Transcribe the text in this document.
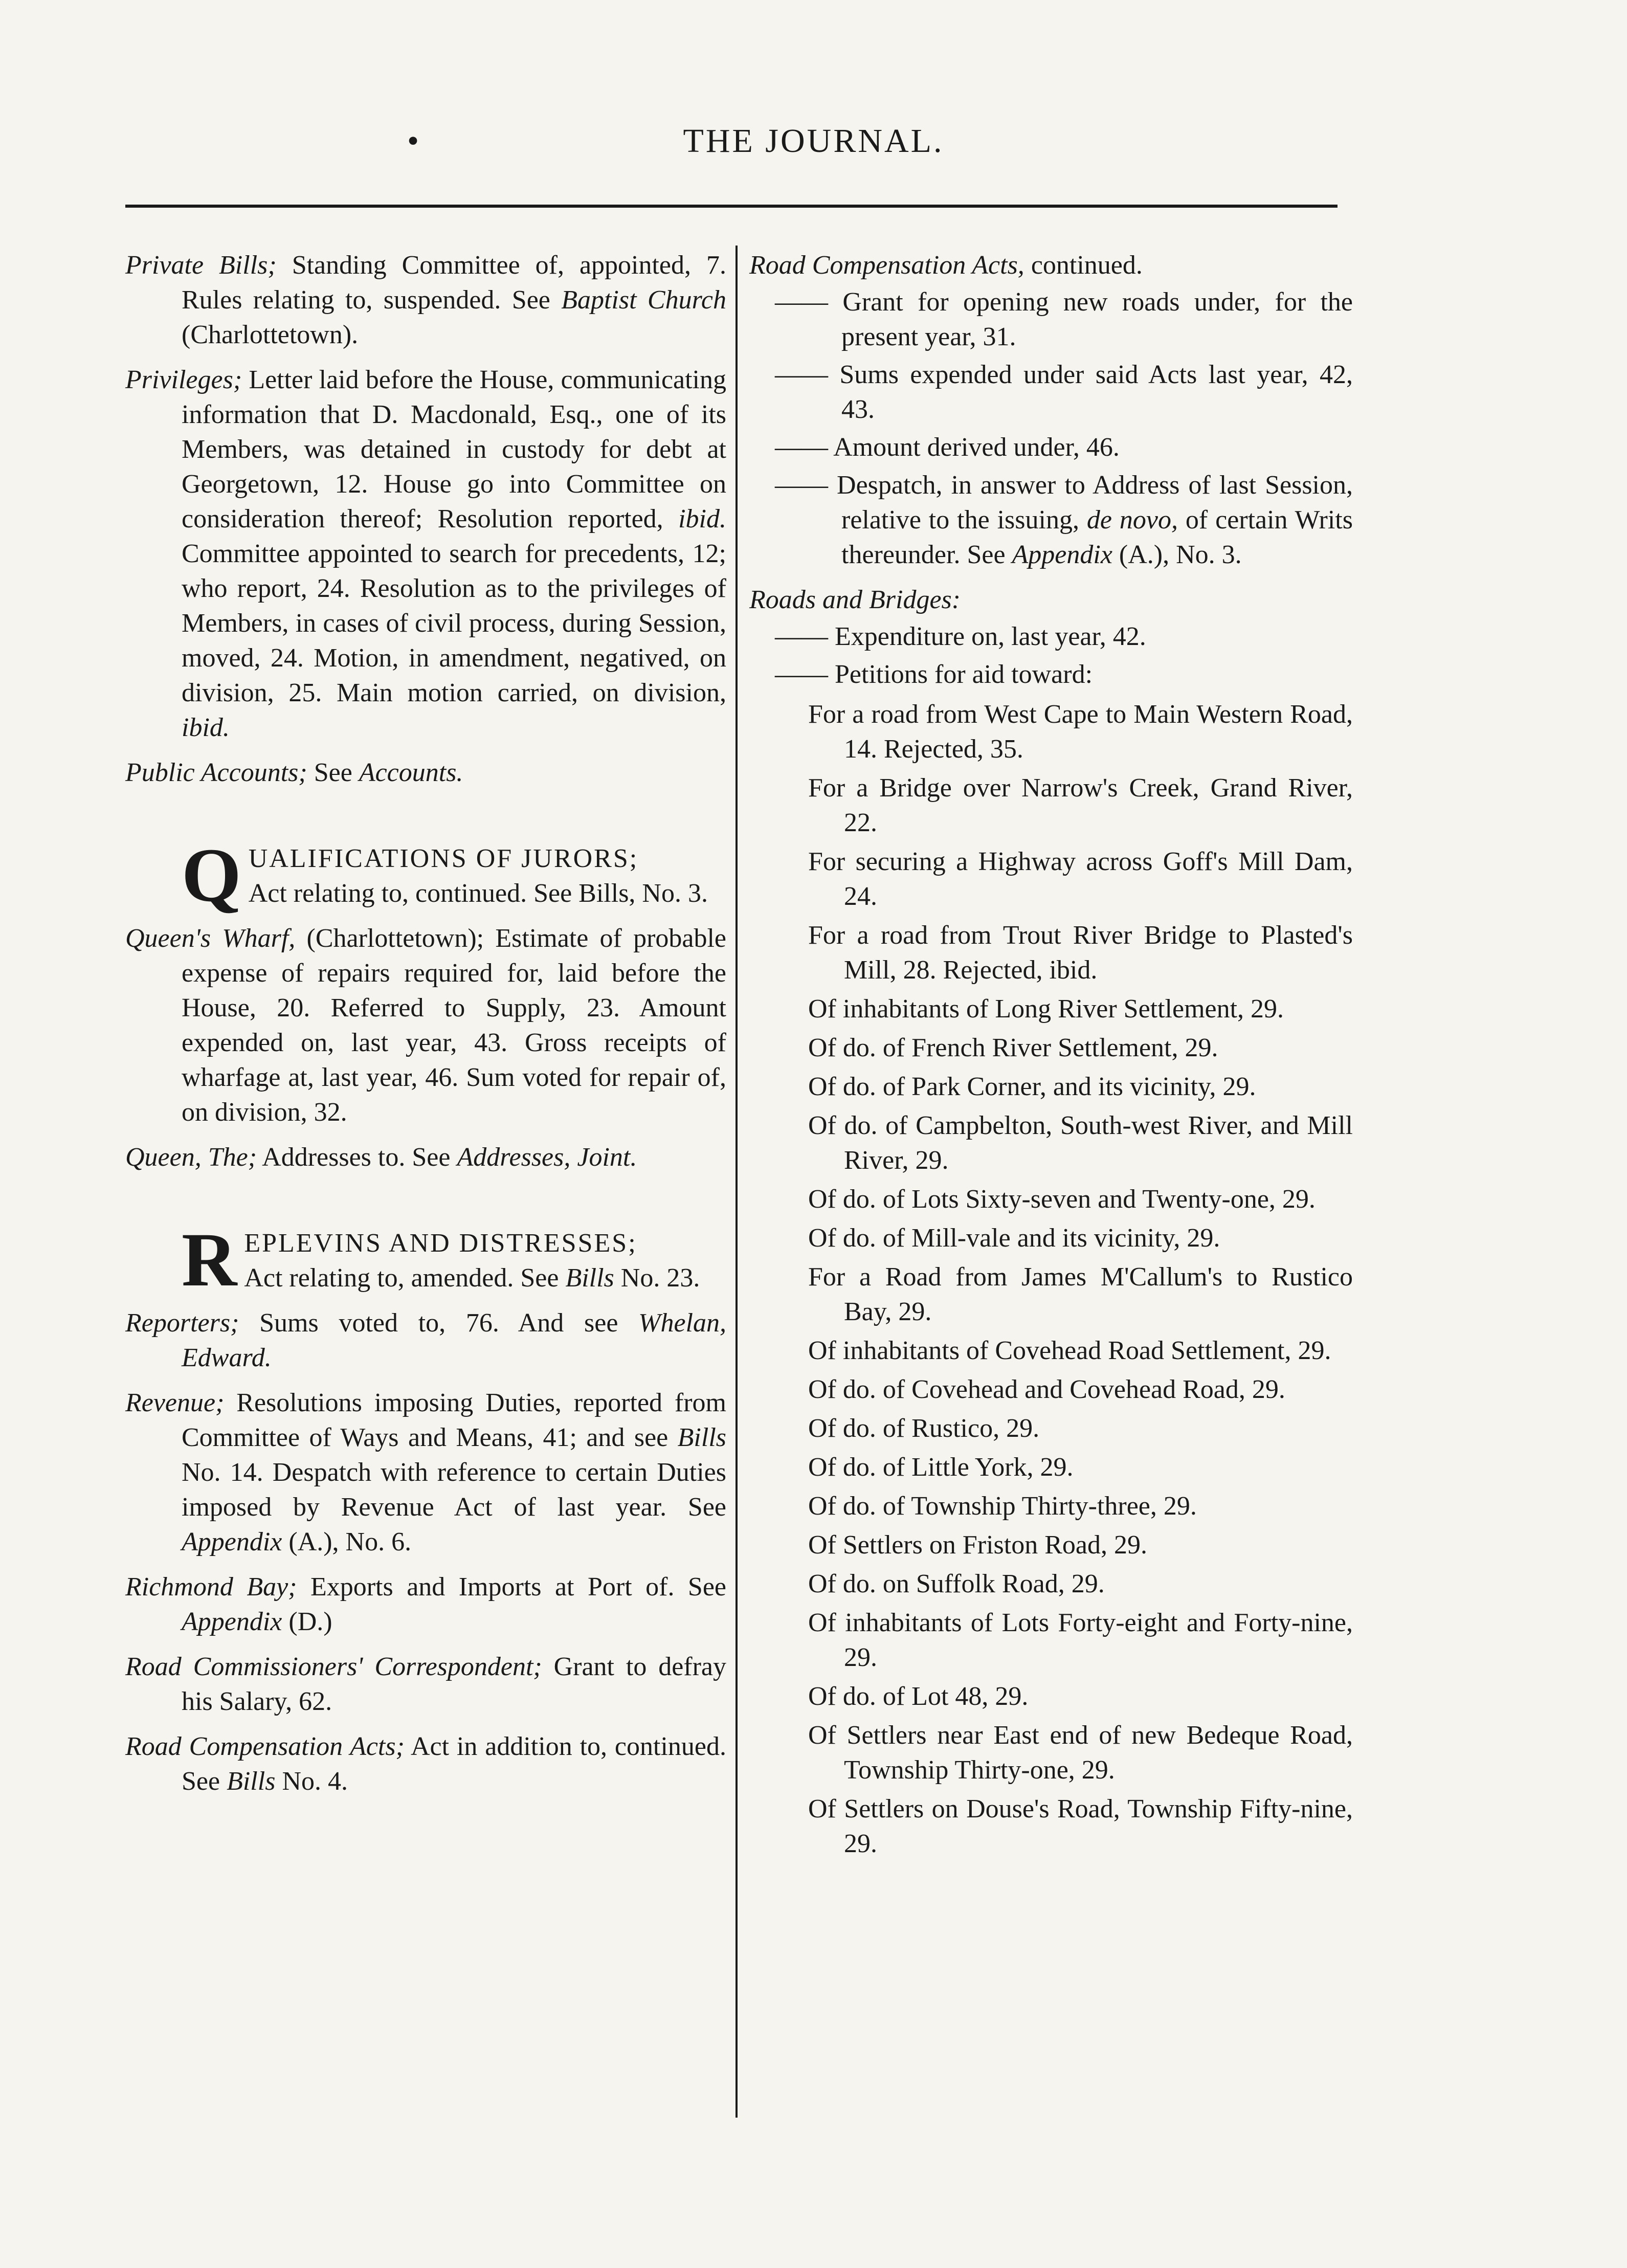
•	THE JOURNAL.
Private Bills; Standing Committee of, appointed, 7. Rules relating to, suspended. See Baptist Church (Charlottetown).
Privileges; Letter laid before the House, communicating information that D. Macdonald, Esq., one of its Members, was detained in custody for debt at Georgetown, 12. House go into Committee on consideration thereof; Resolution reported, ibid. Committee appointed to search for precedents, 12; who report, 24. Resolution as to the privileges of Members, in cases of civil process, during Session, moved, 24. Motion, in amendment, negatived, on division, 25. Main motion carried, on division, ibid.
Public Accounts; See Accounts.
Q UALIFICATIONS OF JURORS;
Act relating to, continued. See Bills, No. 3.
Queen's Wharf, (Charlottetown); Estimate of probable expense of repairs required for, laid before the House, 20. Referred to Supply, 23. Amount expended on, last year, 43. Gross receipts of wharfage at, last year, 46. Sum voted for repair of, on division, 32.
Queen, The; Addresses to. See Addresses, Joint.
R EPLEVINS AND DISTRESSES;
Act relating to, amended. See Bills No. 23.
Reporters; Sums voted to, 76. And see Whelan, Edward.
Revenue; Resolutions imposing Duties, reported from Committee of Ways and Means, 41; and see Bills No. 14. Despatch with reference to certain Duties imposed by Revenue Act of last year. See Appendix (A.), No. 6.
Richmond Bay; Exports and Imports at Port of. See Appendix (D.)
Road Commissioners' Correspondent; Grant to defray his Salary, 62.
Road Compensation Acts; Act in addition to, continued. See Bills No. 4.
Road Compensation Acts, continued.
—— Grant for opening new roads under, for the present year, 31.
—— Sums expended under said Acts last year, 42, 43.
—— Amount derived under, 46.
—— Despatch, in answer to Address of last Session, relative to the issuing, de novo, of certain Writs thereunder. See Appendix (A.), No. 3.
Roads and Bridges:
—— Expenditure on, last year, 42.
—— Petitions for aid toward:
For a road from West Cape to Main Western Road, 14. Rejected, 35.
For a Bridge over Narrow's Creek, Grand River, 22.
For securing a Highway across Goff's Mill Dam, 24.
For a road from Trout River Bridge to Plasted's Mill, 28. Rejected, ibid.
Of inhabitants of Long River Settlement, 29.
Of do. of French River Settlement, 29.
Of do. of Park Corner, and its vicinity, 29.
Of do. of Campbelton, South-west River, and Mill River, 29.
Of do. of Lots Sixty-seven and Twenty-one, 29.
Of do. of Mill-vale and its vicinity, 29.
For a Road from James M'Callum's to Rustico Bay, 29.
Of inhabitants of Covehead Road Settlement, 29.
Of do. of Covehead and Covehead Road, 29.
Of do. of Rustico, 29.
Of do. of Little York, 29.
Of do. of Township Thirty-three, 29.
Of Settlers on Friston Road, 29.
Of do. on Suffolk Road, 29.
Of inhabitants of Lots Forty-eight and Forty-nine, 29.
Of do. of Lot 48, 29.
Of Settlers near East end of new Bedeque Road, Township Thirty-one, 29.
Of Settlers on Douse's Road, Township Fifty-nine, 29.
